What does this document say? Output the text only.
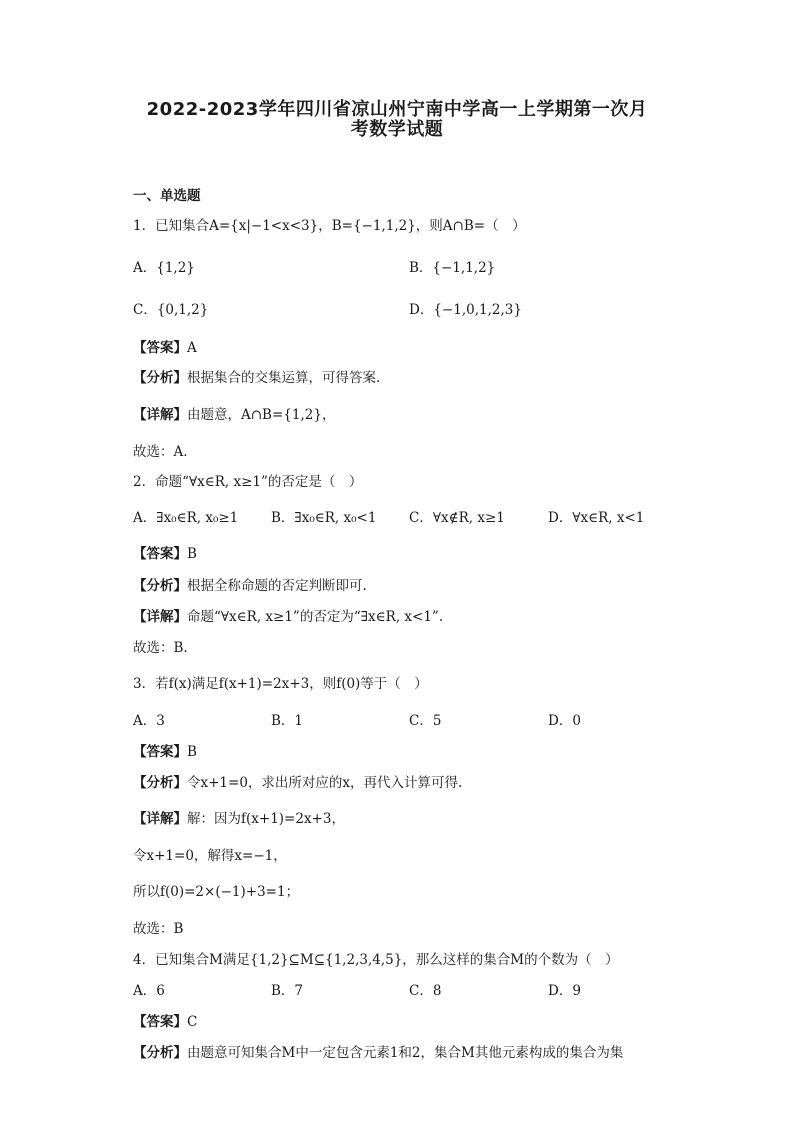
2022-2023学年四川省凉山州宁南中学高一上学期第一次月
考数学试题
一、单选题
1．已知集合A={x|−1<x<3}，B={−1,1,2}，则A∩B=（　）
A．{1,2}	B．{−1,1,2}
C．{0,1,2}	D．{−1,0,1,2,3}
【答案】A
【分析】根据集合的交集运算，可得答案.
【详解】由题意，A∩B={1,2}，
故选：A.
2．命题“∀x∈R, x≥1”的否定是（　）
A．∃x₀∈R, x₀≥1 B．∃x₀∈R, x₀<1 C．∀x∉R, x≥1	D．∀x∈R, x<1
【答案】B
【分析】根据全称命题的否定判断即可.
【详解】命题“∀x∈R, x≥1”的否定为“∃x∈R, x<1”.
故选：B.
3．若f(x)满足f(x+1)=2x+3，则f(0)等于（　）
A．3	B．1	C．5	D．0
【答案】B
【分析】令x+1=0，求出所对应的x，再代入计算可得.
【详解】解：因为f(x+1)=2x+3，
令x+1=0，解得x=−1，
所以f(0)=2×(−1)+3=1；
故选：B
4．已知集合M满足{1,2}⊆M⊆{1,2,3,4,5}，那么这样的集合M的个数为（　）
A．6	B．7	C．8	D．9
【答案】C
【分析】由题意可知集合M中一定包含元素1和2，集合M其他元素构成的集合为集
